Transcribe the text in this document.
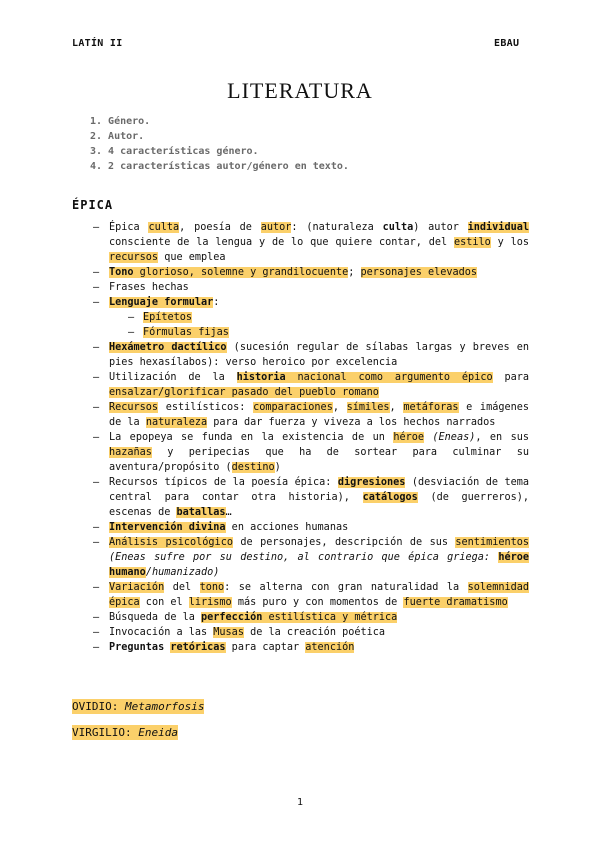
LATÍN II	EBAU
LITERATURA
1. Género.
2. Autor.
3. 4 características género.
4. 2 características autor/género en texto.
ÉPICA
– Épica culta, poesía de autor: (naturaleza culta) autor individual consciente de la lengua y de lo que quiere contar, del estilo y los recursos que emplea
– Tono glorioso, solemne y grandilocuente; personajes elevados
– Frases hechas
– Lenguaje formular:
– Epítetos
– Fórmulas fijas
– Hexámetro dactílico (sucesión regular de sílabas largas y breves en pies hexasílabos): verso heroico por excelencia
– Utilización de la historia nacional como argumento épico para ensalzar/glorificar pasado del pueblo romano
– Recursos estilísticos: comparaciones, símiles, metáforas e imágenes de la naturaleza para dar fuerza y viveza a los hechos narrados
– La epopeya se funda en la existencia de un héroe (Eneas), en sus hazañas y peripecias que ha de sortear para culminar su aventura/propósito (destino)
– Recursos típicos de la poesía épica: digresiones (desviación de tema central para contar otra historia), catálogos (de guerreros), escenas de batallas…
– Intervención divina en acciones humanas
– Análisis psicológico de personajes, descripción de sus sentimientos (Eneas sufre por su destino, al contrario que épica griega: héroe humano/humanizado)
– Variación del tono: se alterna con gran naturalidad la solemnidad épica con el lirismo más puro y con momentos de fuerte dramatismo
– Búsqueda de la perfección estilística y métrica
– Invocación a las Musas de la creación poética
– Preguntas retóricas para captar atención
OVIDIO: Metamorfosis
VIRGILIO: Eneida
1
